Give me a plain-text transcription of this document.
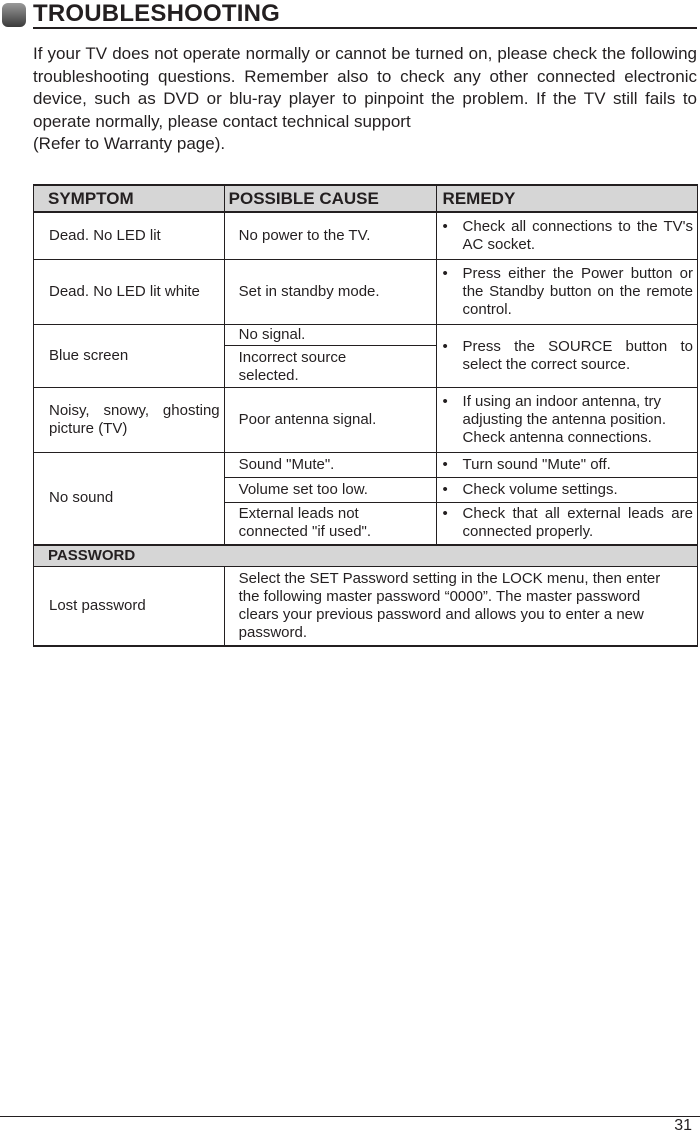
TROUBLESHOOTING

If your TV does not operate normally or cannot be turned on, please check the following troubleshooting questions. Remember also to check any other connected electronic device, such as DVD or blu-ray player to pinpoint the problem. If the TV still fails to operate normally, please contact technical support
(Refer to Warranty page).

SYMPTOM	POSSIBLE CAUSE	REMEDY
Dead. No LED lit	No power to the TV.	• Check all connections to the TV's AC socket.

Dead. No LED lit white	Set in standby mode.	• Press either the Power button or the Standby button on the remote control.

Blue screen	No signal.	• Press the SOURCE button to select the correct source.

	Incorrect source selected.	

Noisy, snowy, ghosting picture (TV)	Poor antenna signal.	• If using an indoor antenna, try adjusting the antenna position. Check antenna connections.

No sound	Sound "Mute".	• Turn sound "Mute" off.

	Volume set too low.	• Check volume settings.

	External leads not connected "if used".	• Check that all external leads are connected properly.

PASSWORD		
Lost password	Select the SET Password setting in the LOCK menu, then enter the following master password “0000”. The master password clears your previous password and allows you to enter a new password.	
31
